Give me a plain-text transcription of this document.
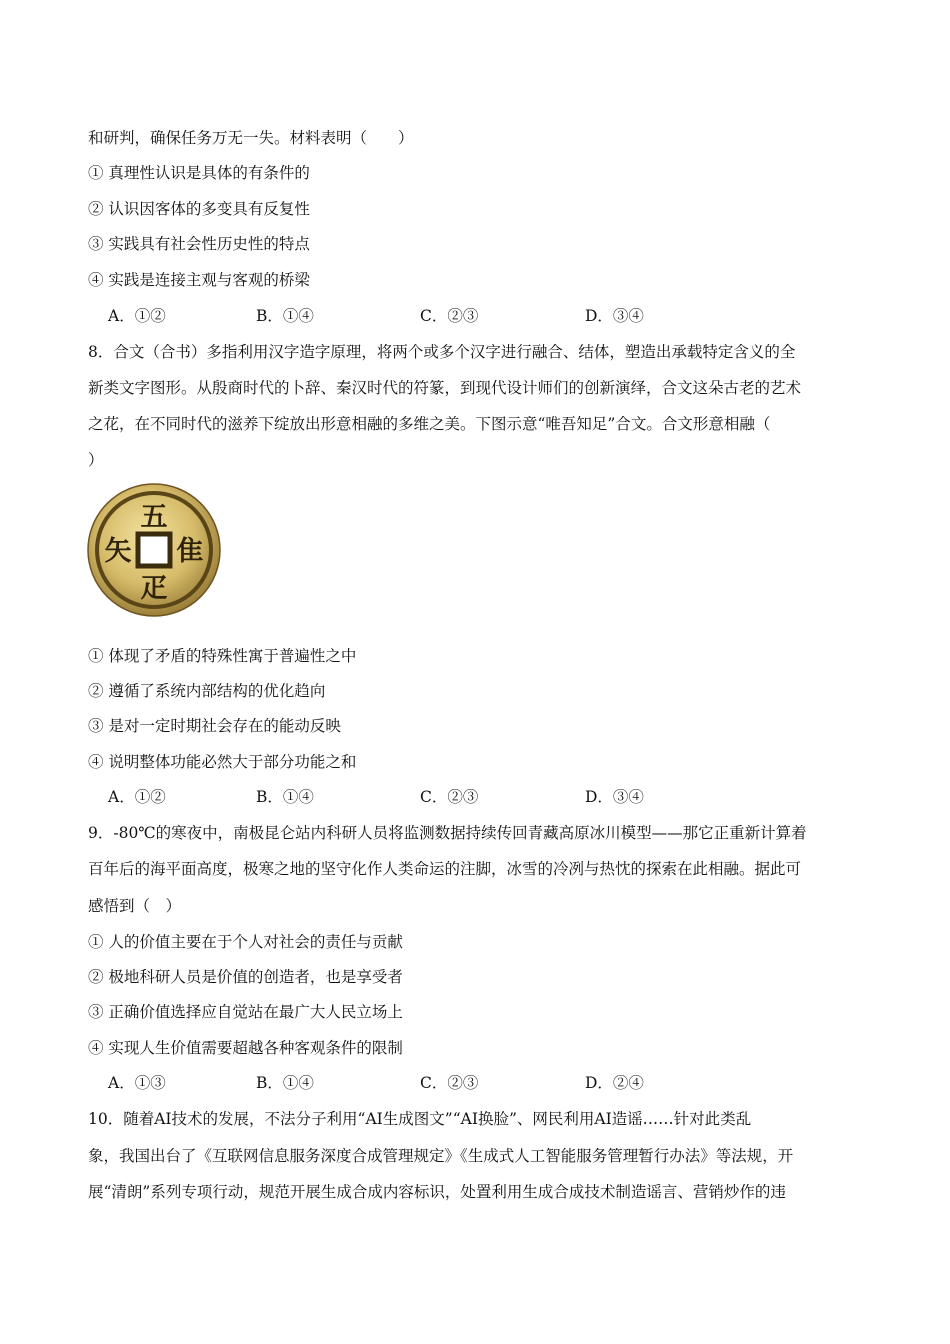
和研判，确保任务万无一失。材料表明（　　）
① 真理性认识是具体的有条件的
② 认识因客体的多变具有反复性
③ 实践具有社会性历史性的特点
④ 实践是连接主观与客观的桥梁
A．①②	B．①④	C．②③	D．③④
8．合文（合书）多指利用汉字造字原理，将两个或多个汉字进行融合、结体，塑造出承载特定含义的全
新类文字图形。从殷商时代的卜辞、秦汉时代的符篆，到现代设计师们的创新演绎，合文这朵古老的艺术
之花，在不同时代的滋养下绽放出形意相融的多维之美。下图示意“唯吾知足”合文。合文形意相融（
）
五
隹
矢
疋
① 体现了矛盾的特殊性寓于普遍性之中
② 遵循了系统内部结构的优化趋向
③ 是对一定时期社会存在的能动反映
④ 说明整体功能必然大于部分功能之和
A．①②	B．①④	C．②③	D．③④
9．-80℃的寒夜中，南极昆仑站内科研人员将监测数据持续传回青藏高原冰川模型——那它正重新计算着
百年后的海平面高度，极寒之地的坚守化作人类命运的注脚，冰雪的冷冽与热忱的探索在此相融。据此可
感悟到（　）
① 人的价值主要在于个人对社会的责任与贡献
② 极地科研人员是价值的创造者，也是享受者
③ 正确价值选择应自觉站在最广大人民立场上
④ 实现人生价值需要超越各种客观条件的限制
A．①③	B．①④	C．②③	D．②④
10．随着AI技术的发展，不法分子利用“AI生成图文”“AI换脸”、网民利用AI造谣……针对此类乱
象，我国出台了《互联网信息服务深度合成管理规定》《生成式人工智能服务管理暂行办法》等法规，开
展“清朗”系列专项行动，规范开展生成合成内容标识，处置利用生成合成技术制造谣言、营销炒作的违
